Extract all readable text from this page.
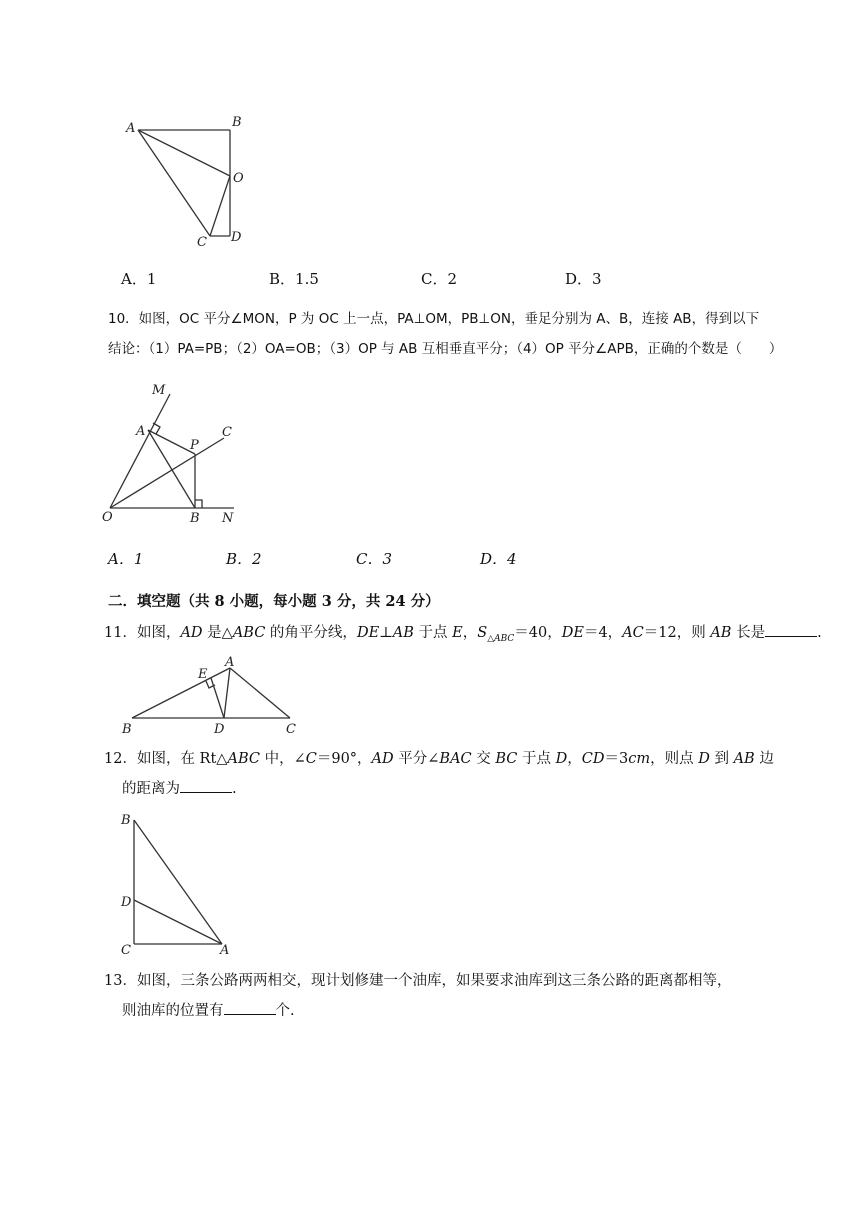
A	B
O
C D
A．1	B．1.5	C．2	D．3
10．如图，OC 平分∠MON，P 为 OC 上一点，PA⊥OM，PB⊥ON，垂足分别为 A、B，连接 AB，得到以下
结论：（1）PA=PB；（2）OA=OB；（3）OP 与 AB 互相垂直平分；（4）OP 平分∠APB，正确的个数是（　　）
M
A
P
C
O	B N
A．1	B．2	C．3	D．4
二．填空题（共 8 小题，每小题 3 分，共 24 分）
11．如图，AD 是△ABC 的角平分线，DE⊥AB 于点 E，$S_{\triangle ABC}=40$，DE＝4，AC＝12，则 AB 长是	.
E
A
B	D	C
12．如图，在 Rt△ABC 中，∠C＝90°，AD 平分∠BAC 交 BC 于点 D，CD＝3cm，则点 D 到 AB 边
的距离为	.
B
D
C	A
13．如图，三条公路两两相交，现计划修建一个油库，如果要求油库到这三条公路的距离都相等，
则油库的位置有	个.
